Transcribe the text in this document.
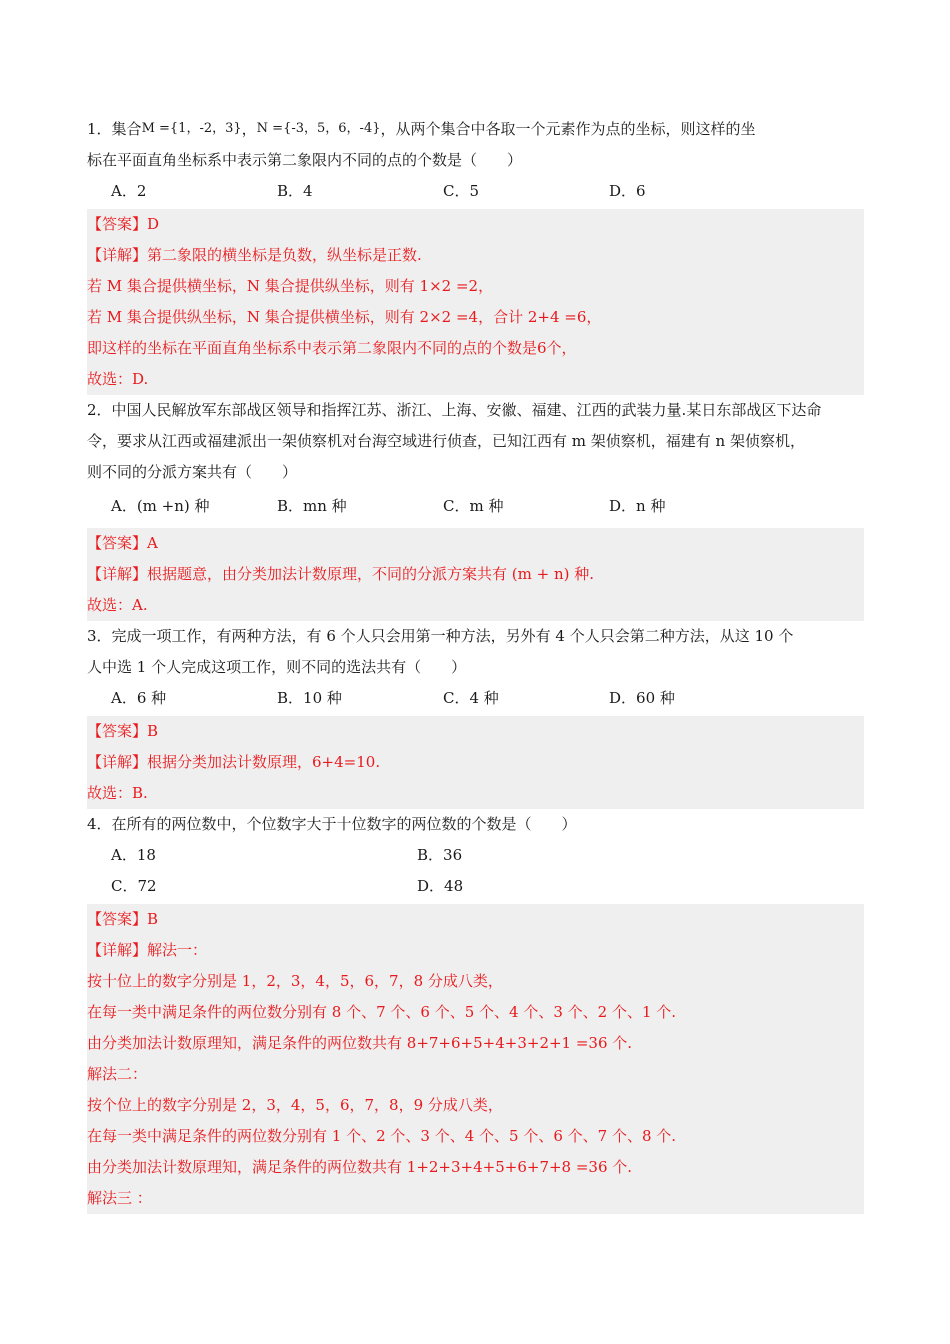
1．集合M ={1，-2，3}，N ={-3，5，6，-4}，从两个集合中各取一个元素作为点的坐标，则这样的坐
标在平面直角坐标系中表示第二象限内不同的点的个数是（　　）
A．2	B．4	C．5	D．6
【答案】D
【详解】第二象限的横坐标是负数，纵坐标是正数.
若 M 集合提供横坐标，N 集合提供纵坐标，则有 1×2 =2，
若 M 集合提供纵坐标，N 集合提供横坐标，则有 2×2 =4，合计 2+4 =6，
即这样的坐标在平面直角坐标系中表示第二象限内不同的点的个数是6个，
故选：D.
2．中国人民解放军东部战区领导和指挥江苏、浙江、上海、安徽、福建、江西的武装力量.某日东部战区下达命
令，要求从江西或福建派出一架侦察机对台海空域进行侦查，已知江西有 m 架侦察机，福建有 n 架侦察机，
则不同的分派方案共有（　　）
A．(m +n) 种	B．mn 种	C．m 种	D．n 种
【答案】A
【详解】根据题意，由分类加法计数原理，不同的分派方案共有 (m + n) 种.
故选：A.
3．完成一项工作，有两种方法，有 6 个人只会用第一种方法，另外有 4 个人只会第二种方法，从这 10 个
人中选 1 个人完成这项工作，则不同的选法共有（　　）
A．6 种	B．10 种	C．4 种	D．60 种
【答案】B
【详解】根据分类加法计数原理，6+4=10.
故选：B.
4．在所有的两位数中，个位数字大于十位数字的两位数的个数是（　　）
A．18	B．36
C．72	D．48
【答案】B
【详解】解法一：
按十位上的数字分别是 1，2，3，4，5，6，7，8 分成八类，
在每一类中满足条件的两位数分别有 8 个、7 个、6 个、5 个、4 个、3 个、2 个、1 个.
由分类加法计数原理知，满足条件的两位数共有 8+7+6+5+4+3+2+1 =36 个.
解法二：
按个位上的数字分别是 2，3，4，5，6，7，8，9 分成八类，
在每一类中满足条件的两位数分别有 1 个、2 个、3 个、4 个、5 个、6 个、7 个、8 个.
由分类加法计数原理知，满足条件的两位数共有 1+2+3+4+5+6+7+8 =36 个.
解法三 ：
